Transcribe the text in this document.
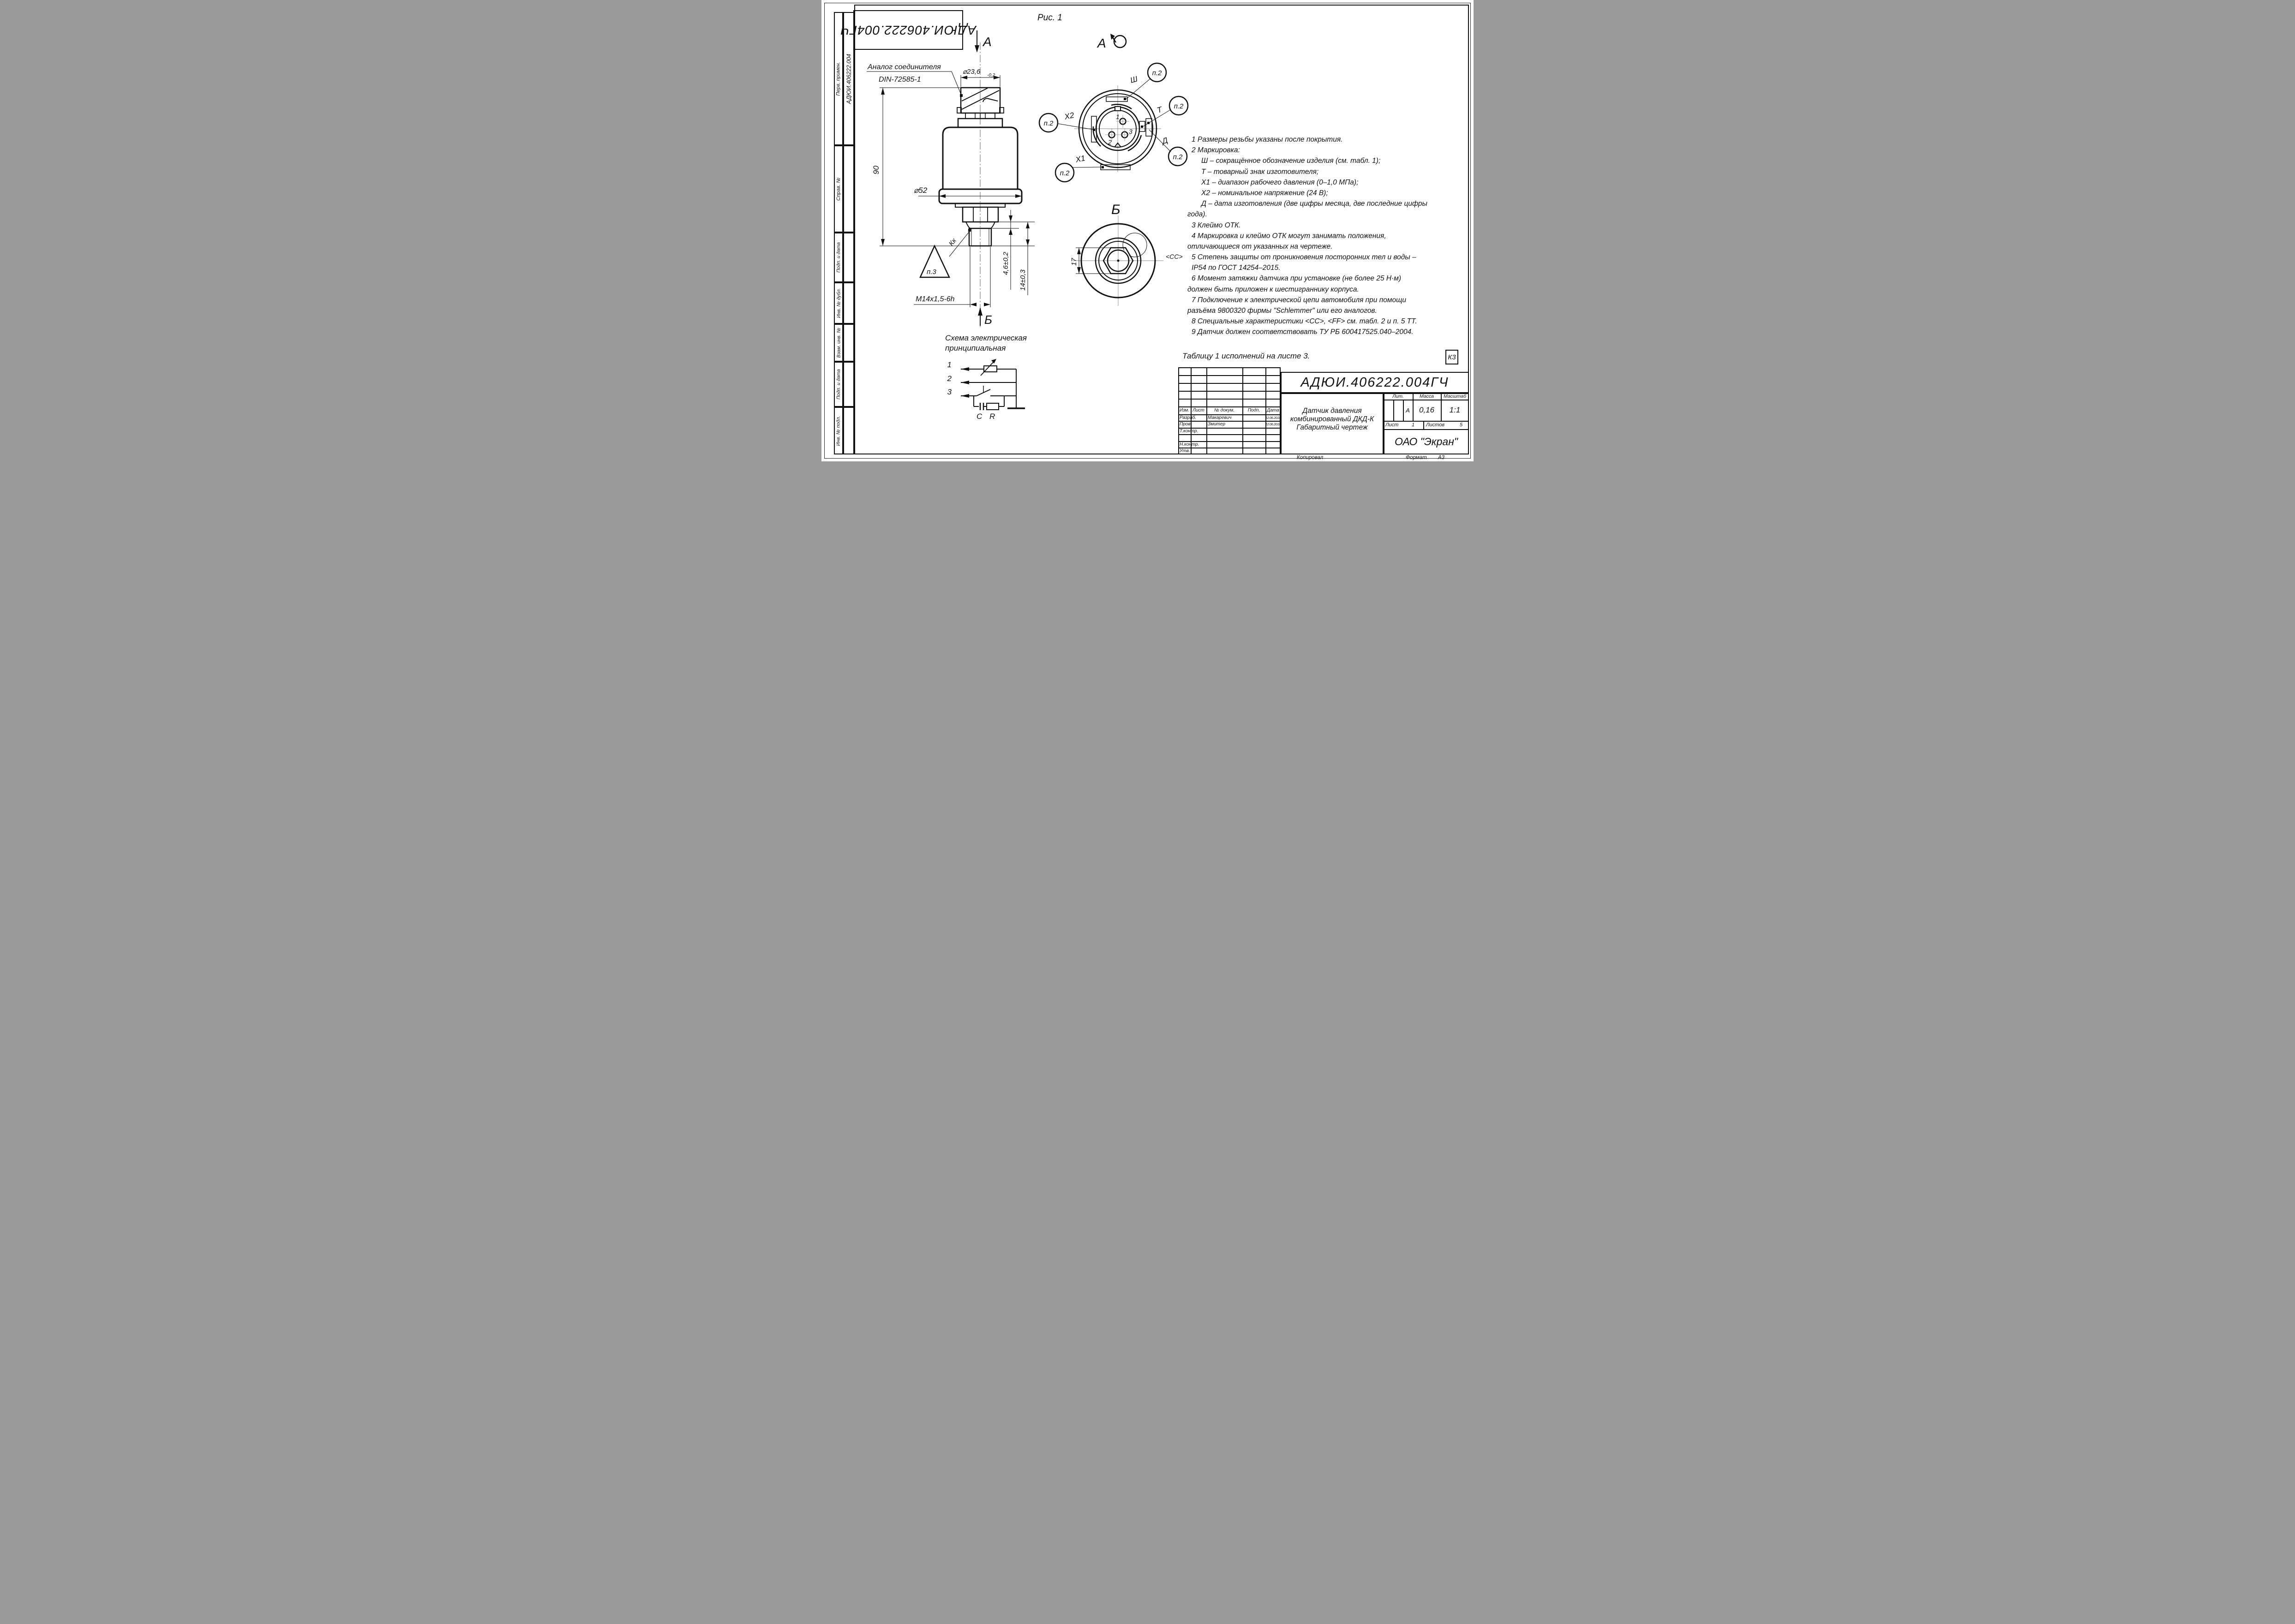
Перв. примен. АДЮИ.406222.004
Справ. №
Подп. и дата
Инв. № дубл.
Взам. инв. №
Подп. и дата
Инв. № подл.
АДЮИ.406222.004ГЧ
Рис. 1
А
Аналог соединителя
DIN-72585-1
⌀23,6 -0,2
90
⌀52
Кк
п.3
M14x1,5-6h
4,6±0,2
14±0,3
Б
А
1
2
3
Ш
Т
Д
Х2
Х1
п.2
п.2
п.2
п.2
п.2
Б
17
Схема электрическая
принципиальная
1
2
3
C R
1 Размеры резьбы указаны после покрытия.
2 Маркировка:
Ш – сокращённое обозначение изделия (см. табл. 1);
Т – товарный знак изготовителя;
Х1 – диапазон рабочего давления (0–1,0 МПа);
Х2 – номинальное напряжение (24 В);
Д – дата изготовления (две цифры месяца, две последние цифры
года).
3 Клеймо ОТК.
4 Маркировка и клеймо ОТК могут занимать положения,
отличающиеся от указанных на чертеже.
5 Степень защиты от проникновения посторонних тел и воды –
IP54 по ГОСТ 14254–2015.
6 Момент затяжки датчика при установке (не более 25 Н·м)
должен быть приложен к шестиграннику корпуса.
7 Подключение к электрической цепи автомобиля при помощи
разъёма 9800320 фирмы "Schlemmer" или его аналогов.
8 Специальные характеристики <СС>, <FF> см. табл. 2 и п. 5 ТТ.
9 Датчик должен соответствовать ТУ РБ 600417525.040–2004.
<СС>
Таблицу 1 исполнений на листе 3.	К3
Изм. Лист	№ докум.	Подп.	Дата
Разраб.	Макаревич	12.06.2018
Пров.	Змитер	12.06.2018
Т.контр.
Н.контр.
Утв.
АДЮИ.406222.004ГЧ
Датчик давления
комбинированный ДКД-К
Габаритный чертеж
Лит.	Масса	Масштаб
А	0,16	1:1
Лист	1	Листов	5
ОАО "Экран"
Копировал	Формат А3
